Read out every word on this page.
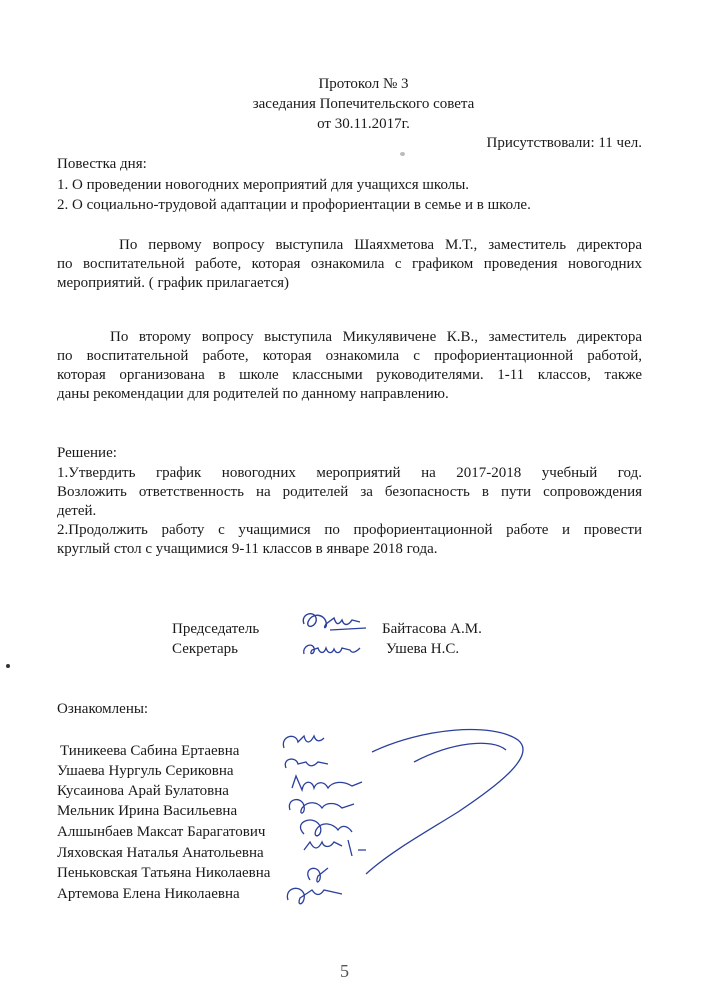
Протокол № 3
заседания Попечительского совета
от 30.11.2017г.
Присутствовали: 11 чел.
Повестка дня:
1. О проведении новогодних мероприятий для учащихся школы.
2. О социально-трудовой адаптации и профориентации в семье и в школе.
По первому вопросу выступила Шаяхметова М.Т., заместитель директора
по воспитательной работе, которая ознакомила с графиком проведения новогодних
мероприятий. ( график прилагается)
По второму вопросу выступила Микулявичене К.В., заместитель директора
по воспитательной работе, которая ознакомила с профориентационной работой,
которая организована в школе классными руководителями. 1-11 классов, также
даны рекомендации для родителей по данному направлению.
Решение:
1.Утвердить график новогодних мероприятий на 2017-2018 учебный год.
Возложить ответственность на родителей за безопасность в пути сопровождения
детей.
2.Продолжить работу с учащимися по профориентационной работе и провести
круглый стол с учащимися 9-11 классов в январе 2018 года.
Председатель	Байтасова А.М.
Секретарь	Ушева Н.С.
Ознакомлены:
Тиникеева Сабина Ертаевна
Ушаева Нургуль Сериковна
Кусаинова Арай Булатовна
Мельник Ирина Васильевна
Алшынбаев Максат Барагатович
Ляховская Наталья Анатольевна
Пеньковская Татьяна Николаевна
Артемова Елена Николаевна
5
